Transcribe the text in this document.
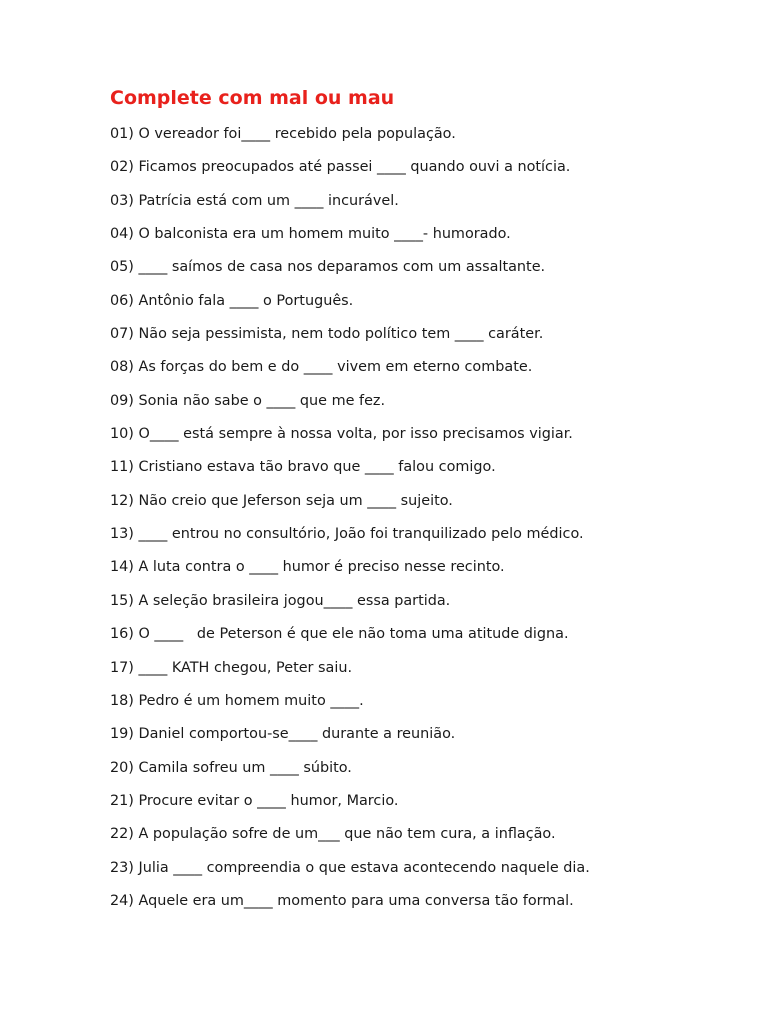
Complete com mal ou mau
01) O vereador foi____ recebido pela população.
02) Ficamos preocupados até passei ____ quando ouvi a notícia.
03) Patrícia está com um ____ incurável.
04) O balconista era um homem muito ____- humorado.
05) ____ saímos de casa nos deparamos com um assaltante.
06) Antônio fala ____ o Português.
07) Não seja pessimista, nem todo político tem ____ caráter.
08) As forças do bem e do ____ vivem em eterno combate.
09) Sonia não sabe o ____ que me fez.
10) O____ está sempre à nossa volta, por isso precisamos vigiar.
11) Cristiano estava tão bravo que ____ falou comigo.
12) Não creio que Jeferson seja um ____ sujeito.
13) ____ entrou no consultório, João foi tranquilizado pelo médico.
14) A luta contra o ____ humor é preciso nesse recinto.
15) A seleção brasileira jogou____ essa partida.
16) O ____   de Peterson é que ele não toma uma atitude digna.
17) ____ KATH chegou, Peter saiu.
18) Pedro é um homem muito ____.
19) Daniel comportou-se____ durante a reunião.
20) Camila sofreu um ____ súbito.
21) Procure evitar o ____ humor, Marcio.
22) A população sofre de um___ que não tem cura, a inflação.
23) Julia ____ compreendia o que estava acontecendo naquele dia.
24) Aquele era um____ momento para uma conversa tão formal.
